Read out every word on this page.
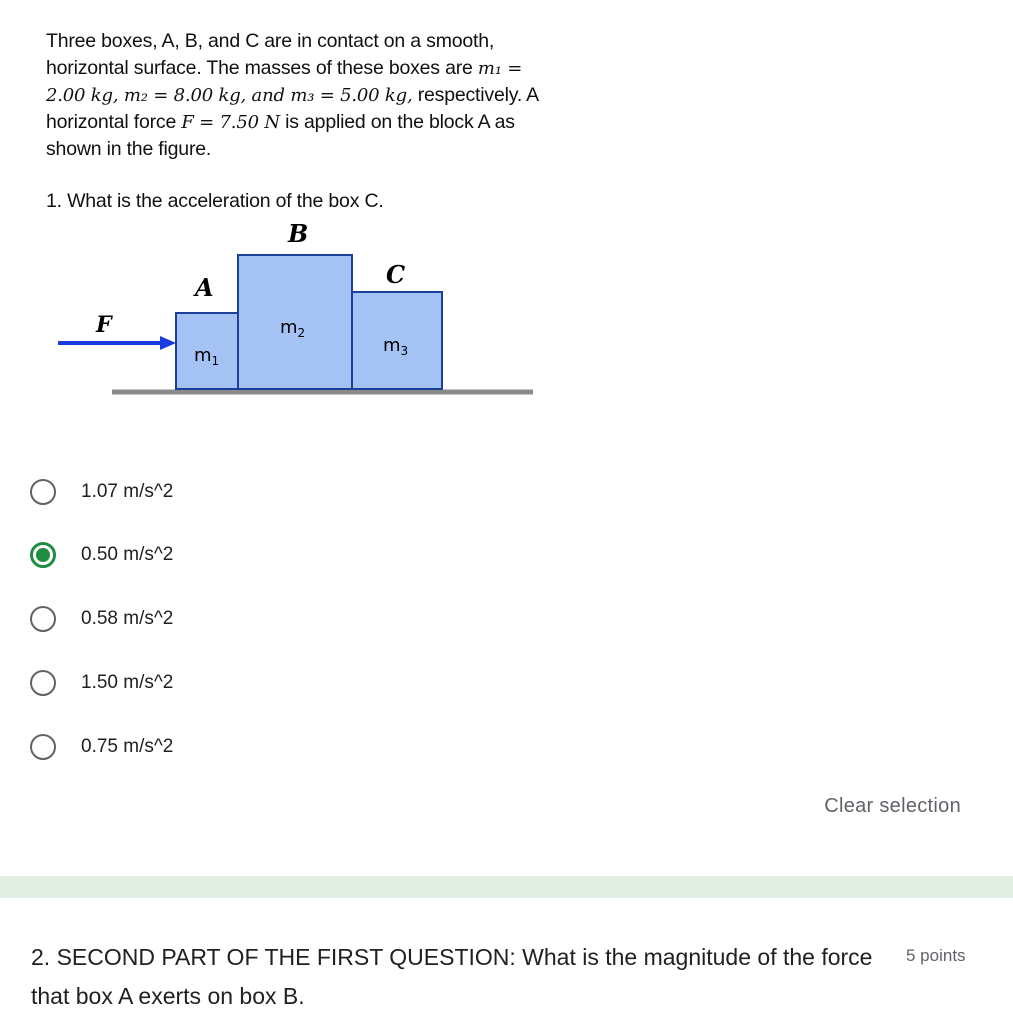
Three boxes, A, B, and C are in contact on a smooth,
horizontal surface. The masses of these boxes are m₁ =
2.00 kg, m₂ = 8.00 kg, and m₃ = 5.00 kg, respectively. A
horizontal force F = 7.50 N is applied on the block A as
shown in the figure.
1. What is the acceleration of the box C.
F
A
B
C
$m_1$
$m_2$
$m_3$
1.07 m/s^2
0.50 m/s^2
0.58 m/s^2
1.50 m/s^2
0.75 m/s^2
Clear selection
2. SECOND PART OF THE FIRST QUESTION: What is the magnitude of the force that box A exerts on box B.
5 points
